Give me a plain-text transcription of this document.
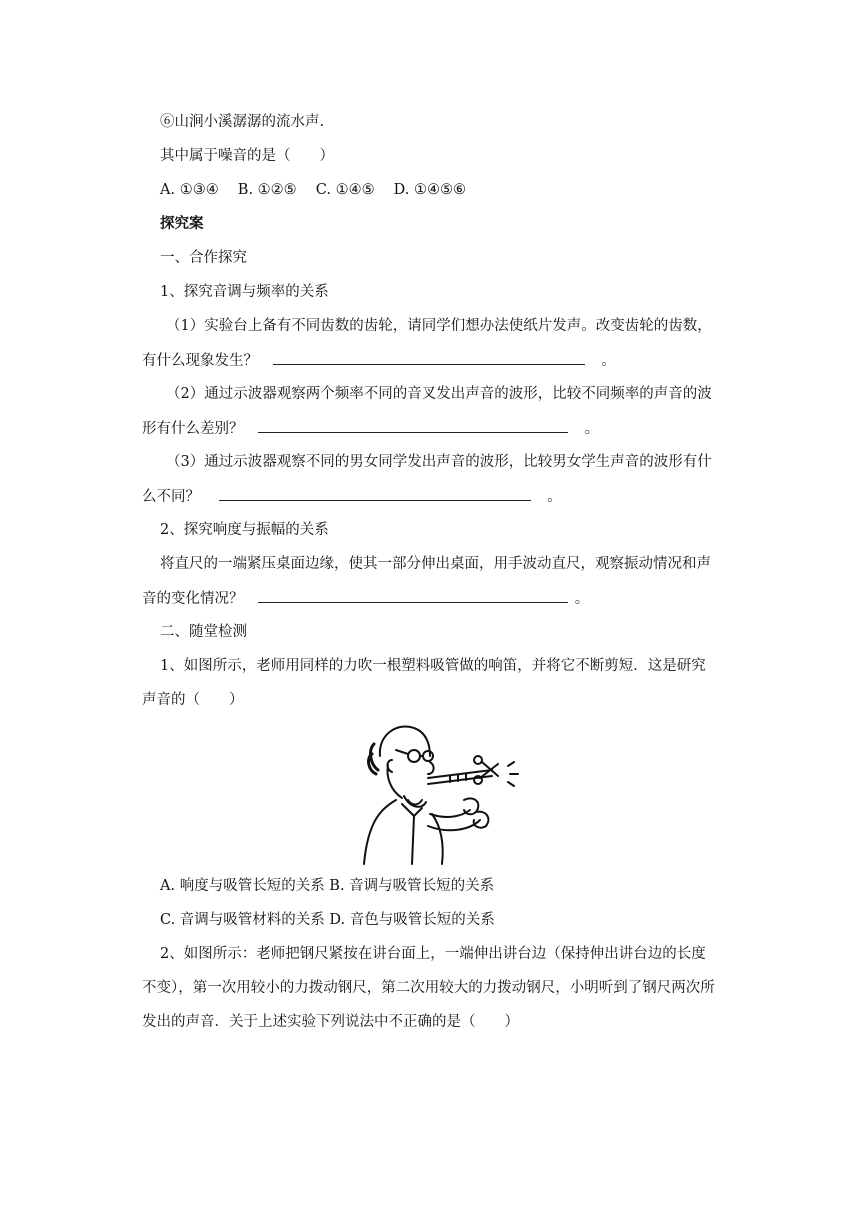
⑥山涧小溪潺潺的流水声.
其中属于噪音的是（　　）
A. ①③④　 B. ①②⑤　 C. ①④⑤　 D. ①④⑤⑥
探究案
一、合作探究
1、探究音调与频率的关系
（1）实验台上备有不同齿数的齿轮，请同学们想办法使纸片发声。改变齿轮的齿数，
有什么现象发生？	。
（2）通过示波器观察两个频率不同的音叉发出声音的波形，比较不同频率的声音的波
形有什么差别？	。
（3）通过示波器观察不同的男女同学发出声音的波形，比较男女学生声音的波形有什
么不同？	。
2、探究响度与振幅的关系
将直尺的一端紧压桌面边缘，使其一部分伸出桌面，用手波动直尺，观察振动情况和声
音的变化情况？	。
二、随堂检测
1、如图所示，老师用同样的力吹一根塑料吸管做的响笛，并将它不断剪短．这是研究
声音的（　　）
A. 响度与吸管长短的关系 B. 音调与吸管长短的关系
C. 音调与吸管材料的关系 D. 音色与吸管长短的关系
2、如图所示：老师把钢尺紧按在讲台面上，一端伸出讲台边（保持伸出讲台边的长度
不变），第一次用较小的力拨动钢尺，第二次用较大的力拨动钢尺，小明听到了钢尺两次所
发出的声音．关于上述实验下列说法中不正确的是（　　）
